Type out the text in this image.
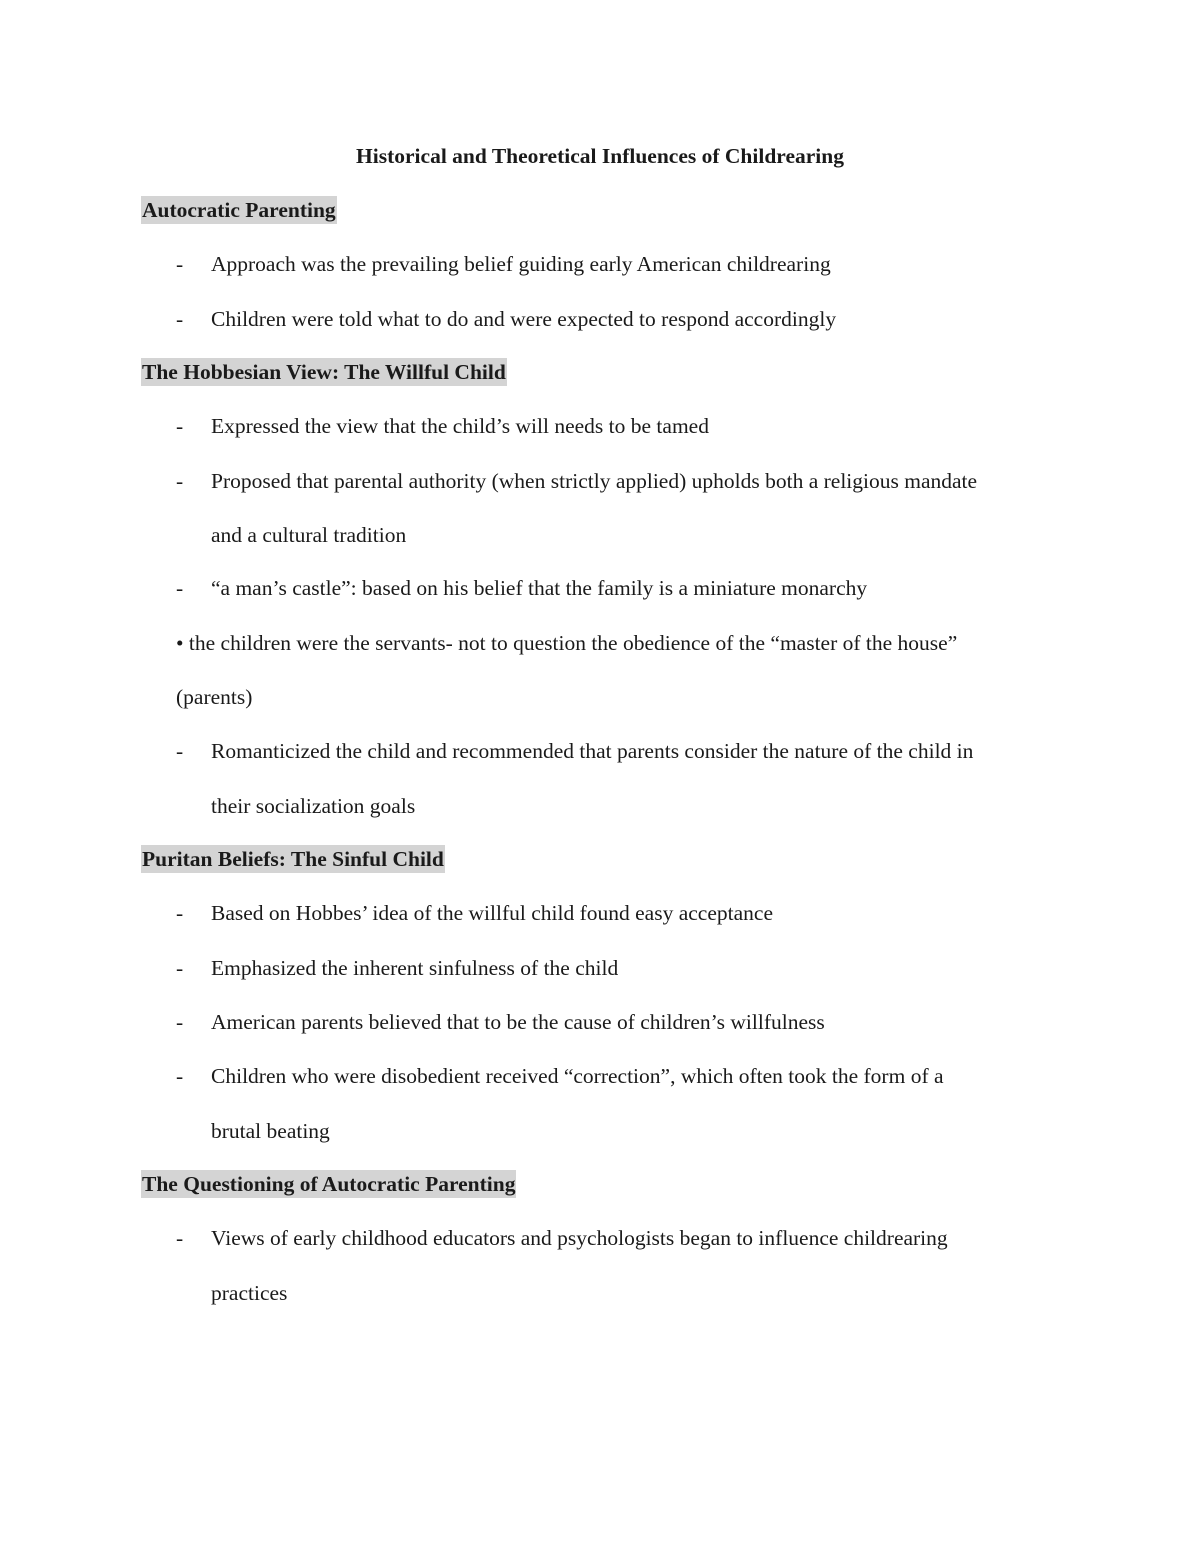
Historical and Theoretical Influences of Childrearing
Autocratic Parenting
- Approach was the prevailing belief guiding early American childrearing
- Children were told what to do and were expected to respond accordingly
The Hobbesian View: The Willful Child
- Expressed the view that the child’s will needs to be tamed
- Proposed that parental authority (when strictly applied) upholds both a religious mandate
and a cultural tradition
- “a man’s castle”: based on his belief that the family is a miniature monarchy
• the children were the servants- not to question the obedience of the “master of the house”
(parents)
- Romanticized the child and recommended that parents consider the nature of the child in
their socialization goals
Puritan Beliefs: The Sinful Child
- Based on Hobbes’ idea of the willful child found easy acceptance
- Emphasized the inherent sinfulness of the child
- American parents believed that to be the cause of children’s willfulness
- Children who were disobedient received “correction”, which often took the form of a
brutal beating
The Questioning of Autocratic Parenting
- Views of early childhood educators and psychologists began to influence childrearing
practices
